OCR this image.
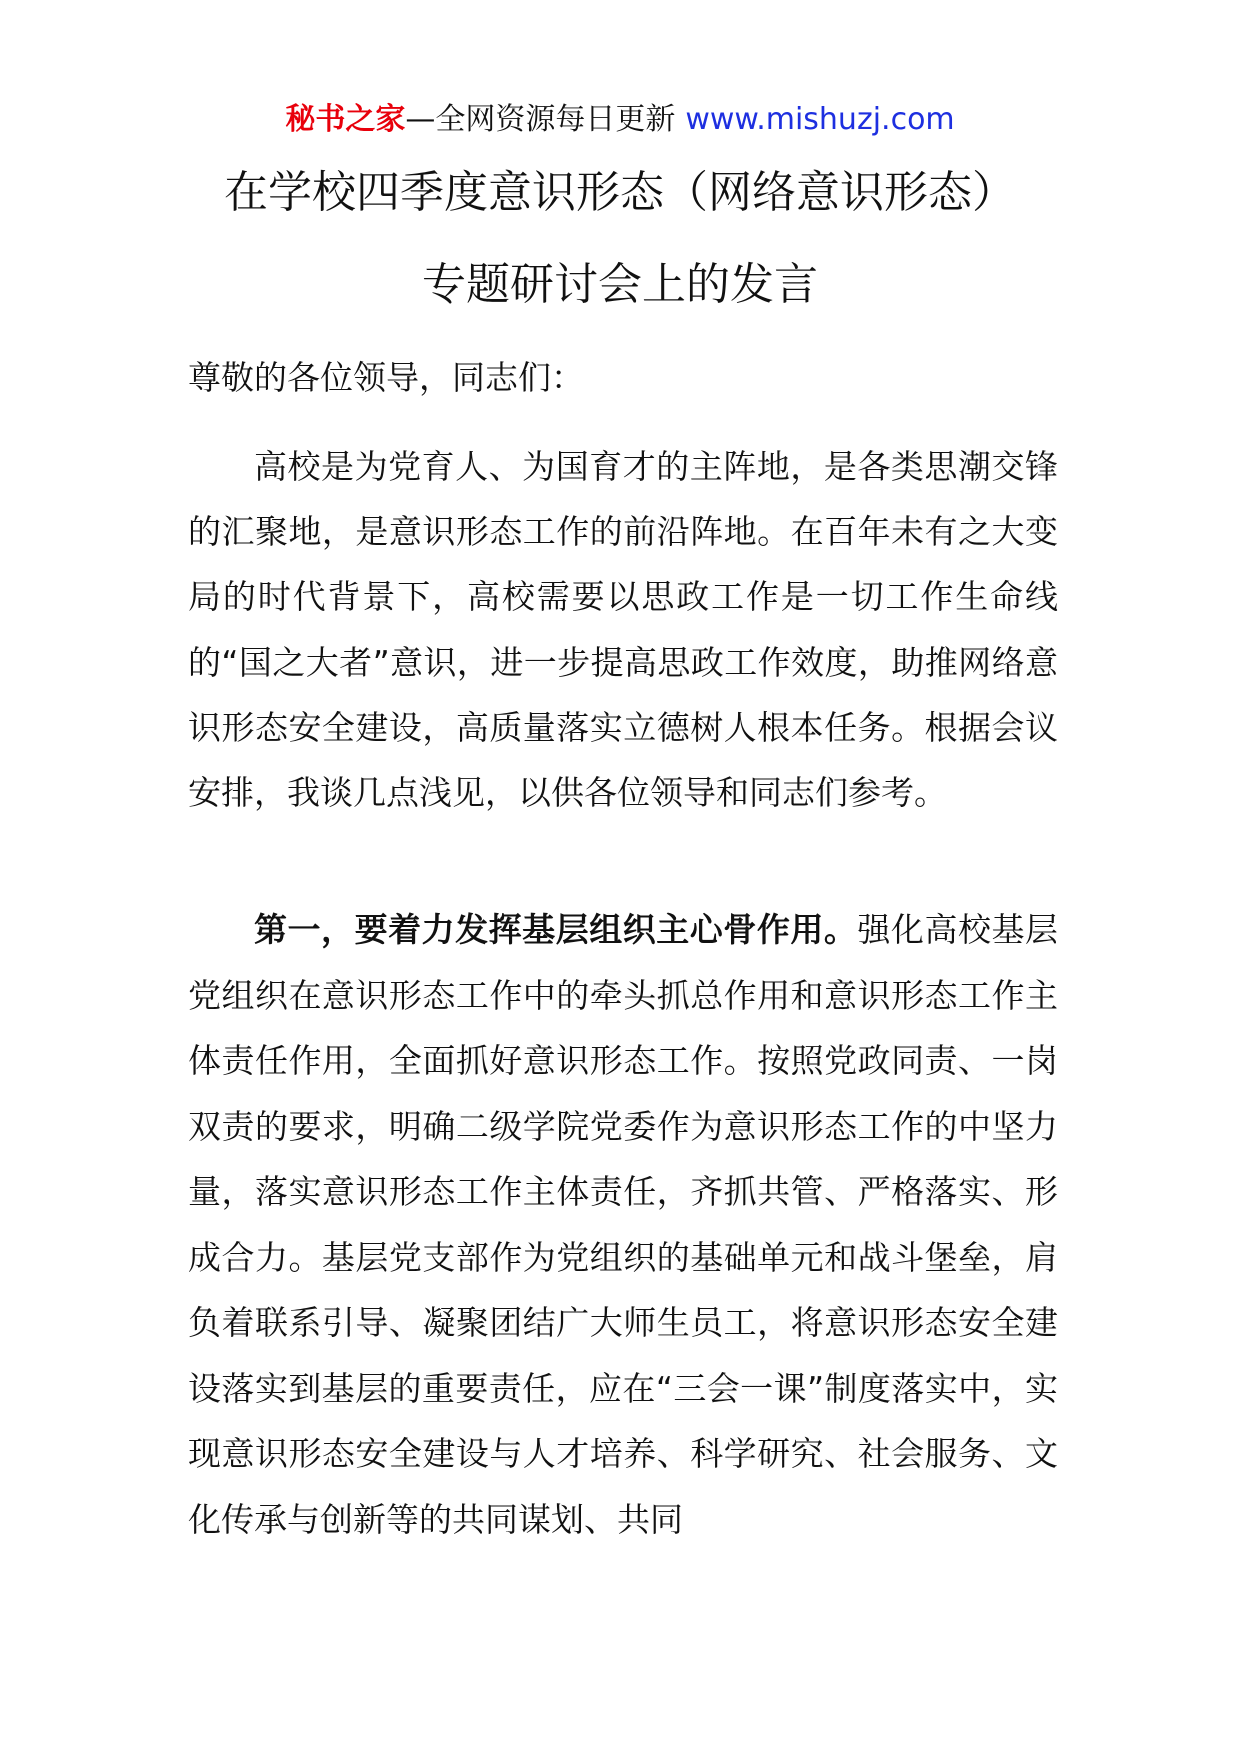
秘书之家—全网资源每日更新 www.mishuzj.com
在学校四季度意识形态（网络意识形态）
专题研讨会上的发言
尊敬的各位领导，同志们：
高校是为党育人、为国育才的主阵地，是各类思潮交锋的汇聚地，是意识形态工作的前沿阵地。在百年未有之大变局的时代背景下，高校需要以思政工作是一切工作生命线的“国之大者”意识，进一步提高思政工作效度，助推网络意识形态安全建设，高质量落实立德树人根本任务。根据会议安排，我谈几点浅见，以供各位领导和同志们参考。
第一，要着力发挥基层组织主心骨作用。强化高校基层党组织在意识形态工作中的牵头抓总作用和意识形态工作主体责任作用，全面抓好意识形态工作。按照党政同责、一岗双责的要求，明确二级学院党委作为意识形态工作的中坚力量，落实意识形态工作主体责任，齐抓共管、严格落实、形成合力。基层党支部作为党组织的基础单元和战斗堡垒，肩负着联系引导、凝聚团结广大师生员工，将意识形态安全建设落实到基层的重要责任，应在“三会一课”制度落实中，实现意识形态安全建设与人才培养、科学研究、社会服务、文化传承与创新等的共同谋划、共同
